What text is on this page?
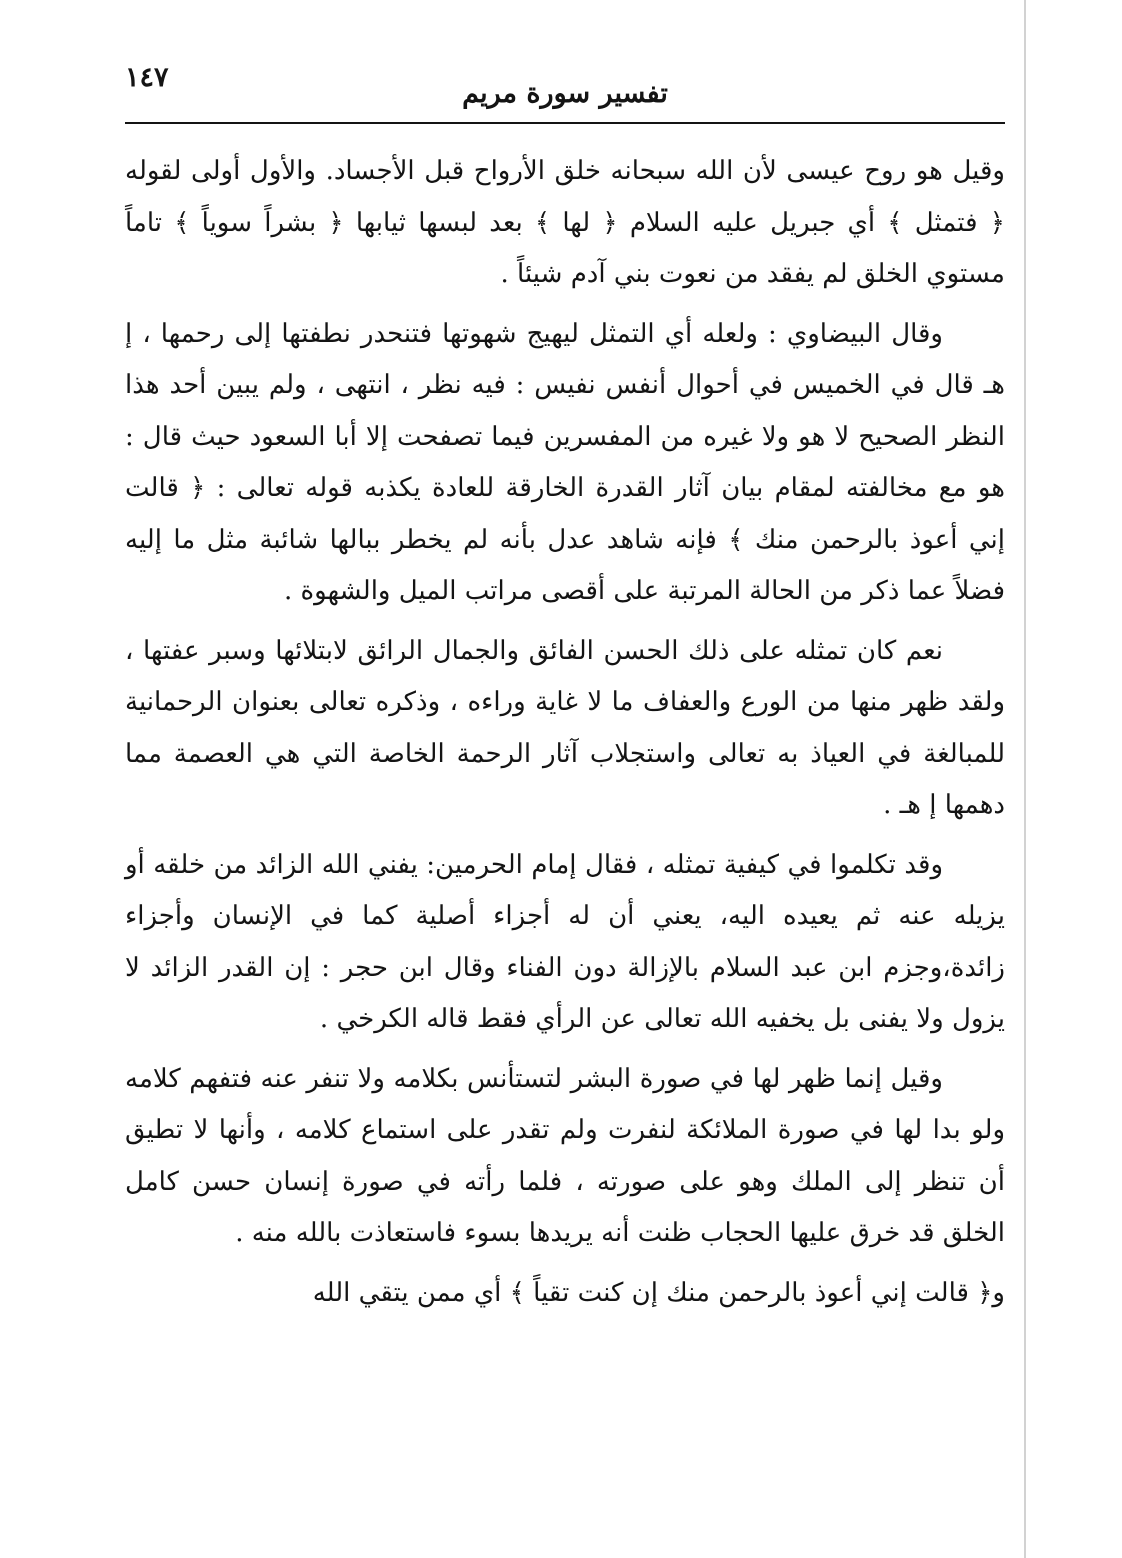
١٤٧
تفسير سورة مريم

وقيل هو روح عيسى لأن الله سبحانه خلق الأرواح قبل الأجساد. والأول أولى لقوله ﴿ فتمثل ﴾ أي جبريل عليه السلام ﴿ لها ﴾ بعد لبسها ثيابها ﴿ بشراً سوياً ﴾ تاماً مستوي الخلق لم يفقد من نعوت بني آدم شيئاً .

وقال البيضاوي : ولعله أي التمثل ليهيج شهوتها فتنحدر نطفتها إلى رحمها ، إ هـ قال في الخميس في أحوال أنفس نفيس : فيه نظر ، انتهى ، ولم يبين أحد هذا النظر الصحيح لا هو ولا غيره من المفسرين فيما تصفحت إلا أبا السعود حيث قال : هو مع مخالفته لمقام بيان آثار القدرة الخارقة للعادة يكذبه قوله تعالى : ﴿ قالت إني أعوذ بالرحمن منك ﴾ فإنه شاهد عدل بأنه لم يخطر ببالها شائبة مثل ما إليه فضلاً عما ذكر من الحالة المرتبة على أقصى مراتب الميل والشهوة .

نعم كان تمثله على ذلك الحسن الفائق والجمال الرائق لابتلائها وسبر عفتها ، ولقد ظهر منها من الورع والعفاف ما لا غاية وراءه ، وذكره تعالى بعنوان الرحمانية للمبالغة في العياذ به تعالى واستجلاب آثار الرحمة الخاصة التي هي العصمة مما دهمها إ هـ .

وقد تكلموا في كيفية تمثله ، فقال إمام الحرمين: يفني الله الزائد من خلقه أو يزيله عنه ثم يعيده اليه، يعني أن له أجزاء أصلية كما في الإنسان وأجزاء زائدة،وجزم ابن عبد السلام بالإزالة دون الفناء وقال ابن حجر : إن القدر الزائد لا يزول ولا يفنى بل يخفيه الله تعالى عن الرأي فقط قاله الكرخي .

وقيل إنما ظهر لها في صورة البشر لتستأنس بكلامه ولا تنفر عنه فتفهم كلامه ولو بدا لها في صورة الملائكة لنفرت ولم تقدر على استماع كلامه ، وأنها لا تطيق أن تنظر إلى الملك وهو على صورته ، فلما رأته في صورة إنسان حسن كامل الخلق قد خرق عليها الحجاب ظنت أنه يريدها بسوء فاستعاذت بالله منه .

و﴿ قالت إني أعوذ بالرحمن منك إن كنت تقياً ﴾ أي ممن يتقي الله
